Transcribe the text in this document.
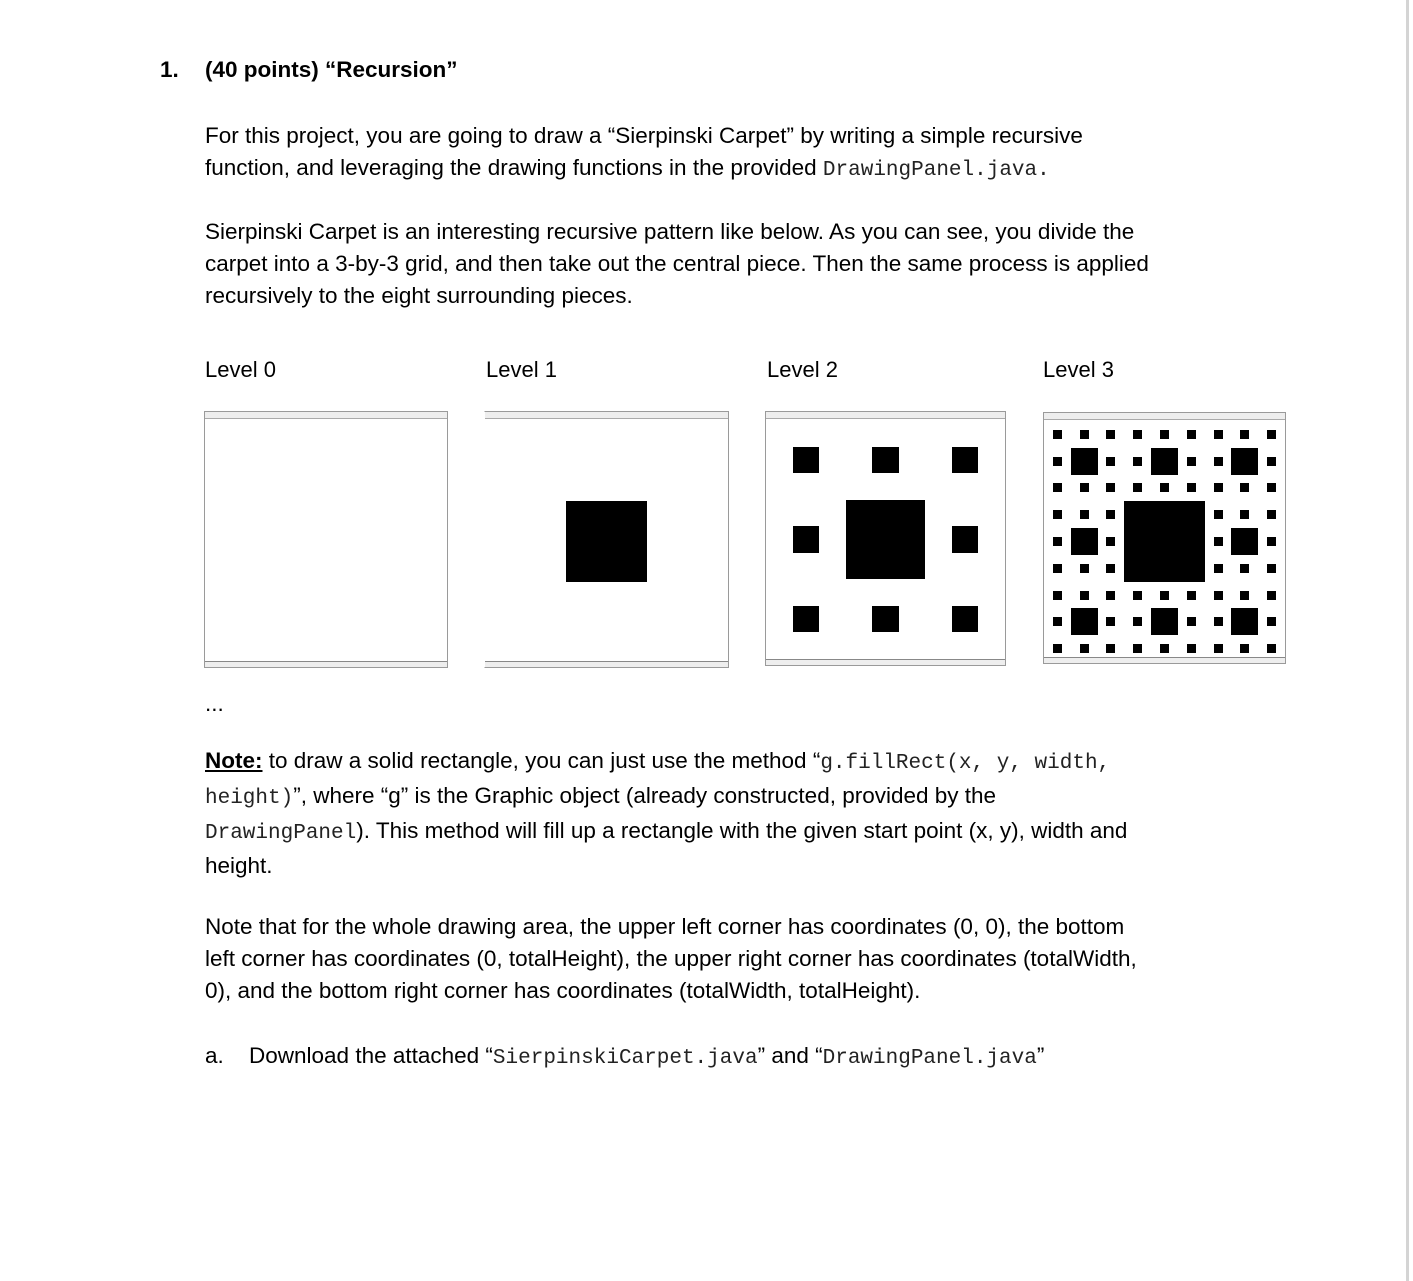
1. (40 points) “Recursion”
For this project, you are going to draw a “Sierpinski Carpet” by writing a simple recursive
function, and leveraging the drawing functions in the provided DrawingPanel.java.
Sierpinski Carpet is an interesting recursive pattern like below. As you can see, you divide the
carpet into a 3-by-3 grid, and then take out the central piece. Then the same process is applied
recursively to the eight surrounding pieces.
Level 0	Level 1	Level 2	Level 3
...
Note: to draw a solid rectangle, you can just use the method “g.fillRect(x, y, width,
height)”, where “g” is the Graphic object (already constructed, provided by the
DrawingPanel). This method will fill up a rectangle with the given start point (x, y), width and
height.
Note that for the whole drawing area, the upper left corner has coordinates (0, 0), the bottom
left corner has coordinates (0, totalHeight), the upper right corner has coordinates (totalWidth,
0), and the bottom right corner has coordinates (totalWidth, totalHeight).
a. Download the attached “SierpinskiCarpet.java” and “DrawingPanel.java”
